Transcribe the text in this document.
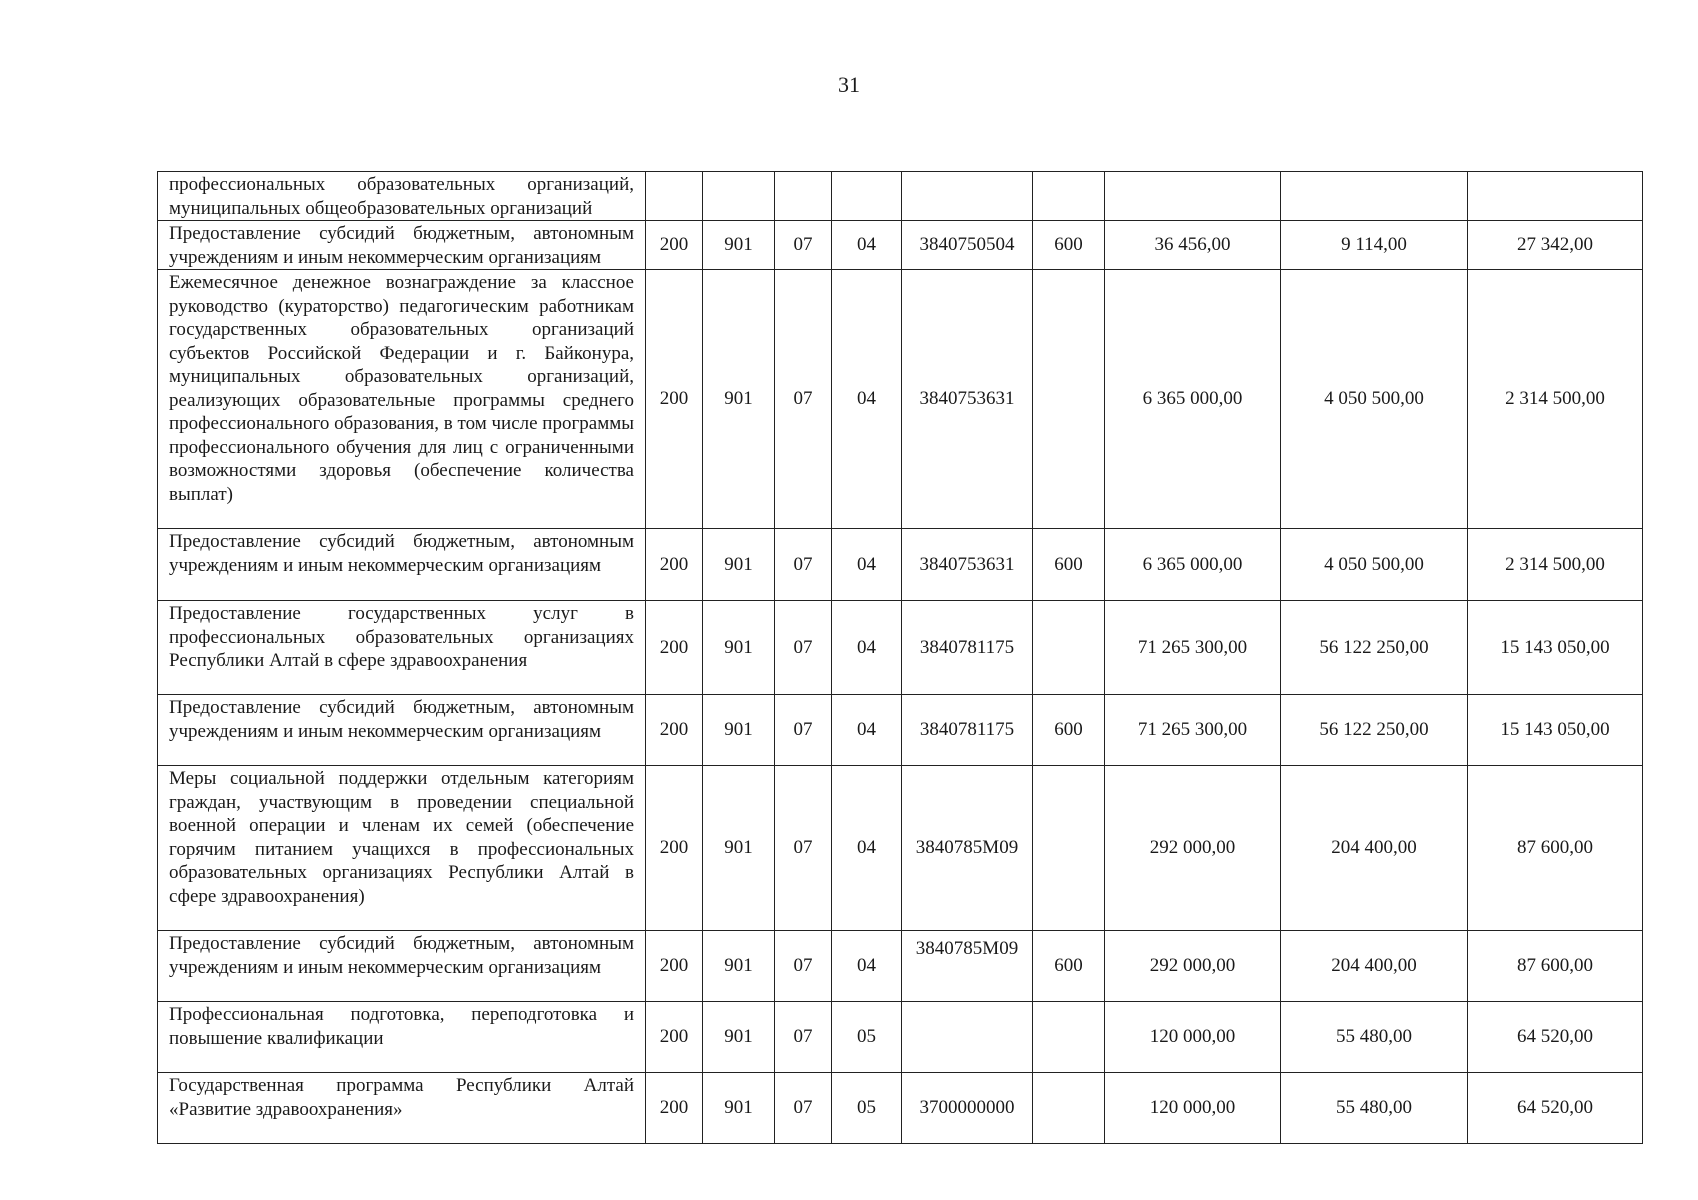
31
профессиональных образовательных организаций, муниципальных общеобразовательных организаций									
Предоставление субсидий бюджетным, автономным учреждениям и иным некоммерческим организациям	200	901	07	04	3840750504	600	36 456,00	9 114,00	27 342,00
Ежемесячное денежное вознаграждение за классное руководство (кураторство) педагогическим работникам государственных образовательных организаций субъектов Российской Федерации и г. Байконура, муниципальных образовательных организаций, реализующих образовательные программы среднего профессионального образования, в том числе программы профессионального обучения для лиц с ограниченными возможностями здоровья (обеспечение количества выплат)	200	901	07	04	3840753631		6 365 000,00	4 050 500,00	2 314 500,00
Предоставление субсидий бюджетным, автономным учреждениям и иным некоммерческим организациям	200	901	07	04	3840753631	600	6 365 000,00	4 050 500,00	2 314 500,00
Предоставление государственных услуг в профессиональных образовательных организациях Республики Алтай в сфере здравоохранения	200	901	07	04	3840781175		71 265 300,00	56 122 250,00	15 143 050,00
Предоставление субсидий бюджетным, автономным учреждениям и иным некоммерческим организациям	200	901	07	04	3840781175	600	71 265 300,00	56 122 250,00	15 143 050,00
Меры социальной поддержки отдельным категориям граждан, участвующим в проведении специальной военной операции и членам их семей (обеспечение горячим питанием учащихся в профессиональных образовательных организациях Республики Алтай в сфере здравоохранения)	200	901	07	04	3840785М09		292 000,00	204 400,00	87 600,00
Предоставление субсидий бюджетным, автономным учреждениям и иным некоммерческим организациям	200	901	07	04	3840785М09	600	292 000,00	204 400,00	87 600,00
Профессиональная подготовка, переподготовка и повышение квалификации	200	901	07	05			120 000,00	55 480,00	64 520,00
Государственная программа Республики Алтай «Развитие здравоохранения»	200	901	07	05	3700000000		120 000,00	55 480,00	64 520,00
